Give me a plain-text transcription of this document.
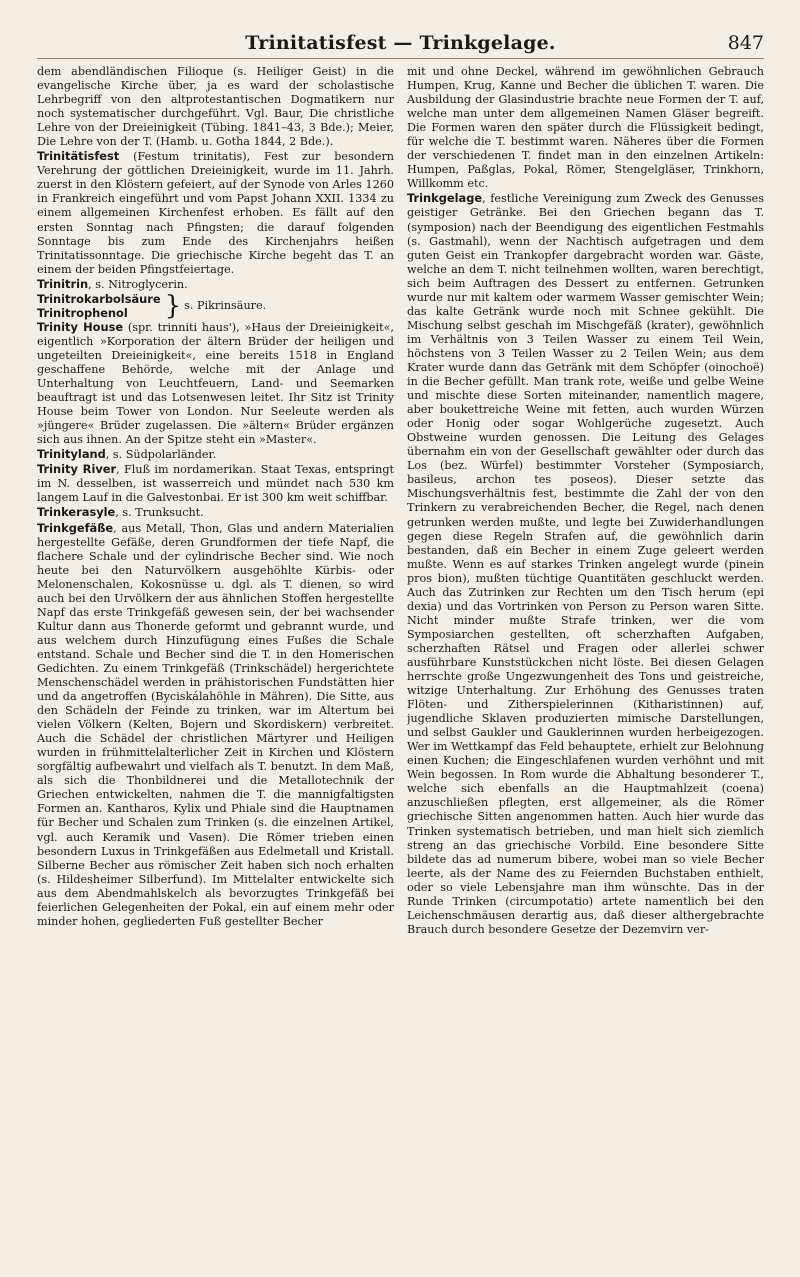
Trinitatisfest — Trinkgelage.	847

dem abendländischen Filioque (s. Heiliger Geist) in die evangelische Kirche über, ja es ward der scholastische Lehrbegriff von den altprotestantischen Dogmatikern nur noch systematischer durchgeführt. Vgl. Baur, Die christliche Lehre von der Dreieinigkeit (Tübing. 1841–43, 3 Bde.); Meier, Die Lehre von der T. (Hamb. u. Gotha 1844, 2 Bde.).

Trinitätisfest (Festum trinitatis), Fest zur besondern Verehrung der göttlichen Dreieinigkeit, wurde im 11. Jahrh. zuerst in den Klöstern gefeiert, auf der Synode von Arles 1260 in Frankreich eingeführt und vom Papst Johann XXII. 1334 zu einem allgemeinen Kirchenfest erhoben. Es fällt auf den ersten Sonntag nach Pfingsten; die darauf folgenden Sonntage bis zum Ende des Kirchenjahrs heißen Trinitatissonntage. Die griechische Kirche begeht das T. an einem der beiden Pfingstfeiertage.

Trinitrin, s. Nitroglycerin.

Trinitrokarbolsäure
Trinitrophenol	} s. Pikrinsäure.

Trinity House (spr. trinniti haus'), »Haus der Dreieinigkeit«, eigentlich »Korporation der ältern Brüder der heiligen und ungeteilten Dreieinigkeit«, eine bereits 1518 in England geschaffene Behörde, welche mit der Anlage und Unterhaltung von Leuchtfeuern, Land- und Seemarken beauftragt ist und das Lotsenwesen leitet. Ihr Sitz ist Trinity House beim Tower von London. Nur Seeleute werden als »jüngere« Brüder zugelassen. Die »ältern« Brüder ergänzen sich aus ihnen. An der Spitze steht ein »Master«.

Trinityland, s. Südpolarländer.

Trinity River, Fluß im nordamerikan. Staat Texas, entspringt im N. desselben, ist wasserreich und mündet nach 530 km langem Lauf in die Galvestonbai. Er ist 300 km weit schiffbar.

Trinkerasyle, s. Trunksucht.

Trinkgefäße, aus Metall, Thon, Glas und andern Materialien hergestellte Gefäße, deren Grundformen der tiefe Napf, die flachere Schale und der cylindrische Becher sind. Wie noch heute bei den Naturvölkern ausgehöhlte Kürbis- oder Melonenschalen, Kokosnüsse u. dgl. als T. dienen, so wird auch bei den Urvölkern der aus ähnlichen Stoffen hergestellte Napf das erste Trinkgefäß gewesen sein, der bei wachsender Kultur dann aus Thonerde geformt und gebrannt wurde, und aus welchem durch Hinzufügung eines Fußes die Schale entstand. Schale und Becher sind die T. in den Homerischen Gedichten. Zu einem Trinkgefäß (Trinkschädel) hergerichtete Menschenschädel werden in prähistorischen Fundstätten hier und da angetroffen (Byciskálahöhle in Mähren). Die Sitte, aus den Schädeln der Feinde zu trinken, war im Altertum bei vielen Völkern (Kelten, Bojern und Skordiskern) verbreitet. Auch die Schädel der christlichen Märtyrer und Heiligen wurden in frühmittelalterlicher Zeit in Kirchen und Klöstern sorgfältig aufbewahrt und vielfach als T. benutzt. In dem Maß, als sich die Thonbildnerei und die Metallotechnik der Griechen entwickelten, nahmen die T. die mannigfaltigsten Formen an. Kantharos, Kylix und Phiale sind die Hauptnamen für Becher und Schalen zum Trinken (s. die einzelnen Artikel, vgl. auch Keramik und Vasen). Die Römer trieben einen besondern Luxus in Trinkgefäßen aus Edelmetall und Kristall. Silberne Becher aus römischer Zeit haben sich noch erhalten (s. Hildesheimer Silberfund). Im Mittelalter entwickelte sich aus dem Abendmahlskelch als bevorzugtes Trinkgefäß bei feierlichen Gelegenheiten der Pokal, ein auf einem mehr oder minder hohen, gegliederten Fuß gestellter Becher

mit und ohne Deckel, während im gewöhnlichen Gebrauch Humpen, Krug, Kanne und Becher die üblichen T. waren. Die Ausbildung der Glasindustrie brachte neue Formen der T. auf, welche man unter dem allgemeinen Namen Gläser begreift. Die Formen waren den später durch die Flüssigkeit bedingt, für welche die T. bestimmt waren. Näheres über die Formen der verschiedenen T. findet man in den einzelnen Artikeln: Humpen, Paßglas, Pokal, Römer, Stengelgläser, Trinkhorn, Willkomm etc.

Trinkgelage, festliche Vereinigung zum Zweck des Genusses geistiger Getränke. Bei den Griechen begann das T. (symposion) nach der Beendigung des eigentlichen Festmahls (s. Gastmahl), wenn der Nachtisch aufgetragen und dem guten Geist ein Trankopfer dargebracht worden war. Gäste, welche an dem T. nicht teilnehmen wollten, waren berechtigt, sich beim Auftragen des Dessert zu entfernen. Getrunken wurde nur mit kaltem oder warmem Wasser gemischter Wein; das kalte Getränk wurde noch mit Schnee gekühlt. Die Mischung selbst geschah im Mischgefäß (krater), gewöhnlich im Verhältnis von 3 Teilen Wasser zu einem Teil Wein, höchstens von 3 Teilen Wasser zu 2 Teilen Wein; aus dem Krater wurde dann das Getränk mit dem Schöpfer (oinochoë) in die Becher gefüllt. Man trank rote, weiße und gelbe Weine und mischte diese Sorten miteinander, namentlich magere, aber boukettreiche Weine mit fetten, auch wurden Würzen oder Honig oder sogar Wohlgerüche zugesetzt. Auch Obstweine wurden genossen. Die Leitung des Gelages übernahm ein von der Gesellschaft gewählter oder durch das Los (bez. Würfel) bestimmter Vorsteher (Symposiarch, basileus, archon tes poseos). Dieser setzte das Mischungsverhältnis fest, bestimmte die Zahl der von den Trinkern zu verabreichenden Becher, die Regel, nach denen getrunken werden mußte, und legte bei Zuwiderhandlungen gegen diese Regeln Strafen auf, die gewöhnlich darin bestanden, daß ein Becher in einem Zuge geleert werden mußte. Wenn es auf starkes Trinken angelegt wurde (pinein pros bion), mußten tüchtige Quantitäten geschluckt werden. Auch das Zutrinken zur Rechten um den Tisch herum (epi dexia) und das Vortrinken von Person zu Person waren Sitte. Nicht minder mußte Strafe trinken, wer die vom Symposiarchen gestellten, oft scherzhaften Aufgaben, scherzhaften Rätsel und Fragen oder allerlei schwer ausführbare Kunststückchen nicht löste. Bei diesen Gelagen herrschte große Ungezwungenheit des Tons und geistreiche, witzige Unterhaltung. Zur Erhöhung des Genusses traten Flöten- und Zitherspielerinnen (Kitharistinnen) auf, jugendliche Sklaven produzierten mimische Darstellungen, und selbst Gaukler und Gauklerinnen wurden herbeigezogen. Wer im Wettkampf das Feld behauptete, erhielt zur Belohnung einen Kuchen; die Eingeschlafenen wurden verhöhnt und mit Wein begossen. In Rom wurde die Abhaltung besonderer T., welche sich ebenfalls an die Hauptmahlzeit (coena) anzuschließen pflegten, erst allgemeiner, als die Römer griechische Sitten angenommen hatten. Auch hier wurde das Trinken systematisch betrieben, und man hielt sich ziemlich streng an das griechische Vorbild. Eine besondere Sitte bildete das ad numerum bibere, wobei man so viele Becher leerte, als der Name des zu Feiernden Buchstaben enthielt, oder so viele Lebensjahre man ihm wünschte. Das in der Runde Trinken (circumpotatio) artete namentlich bei den Leichenschmäusen derartig aus, daß dieser althergebrachte Brauch durch besondere Gesetze der Dezemvirn ver-
